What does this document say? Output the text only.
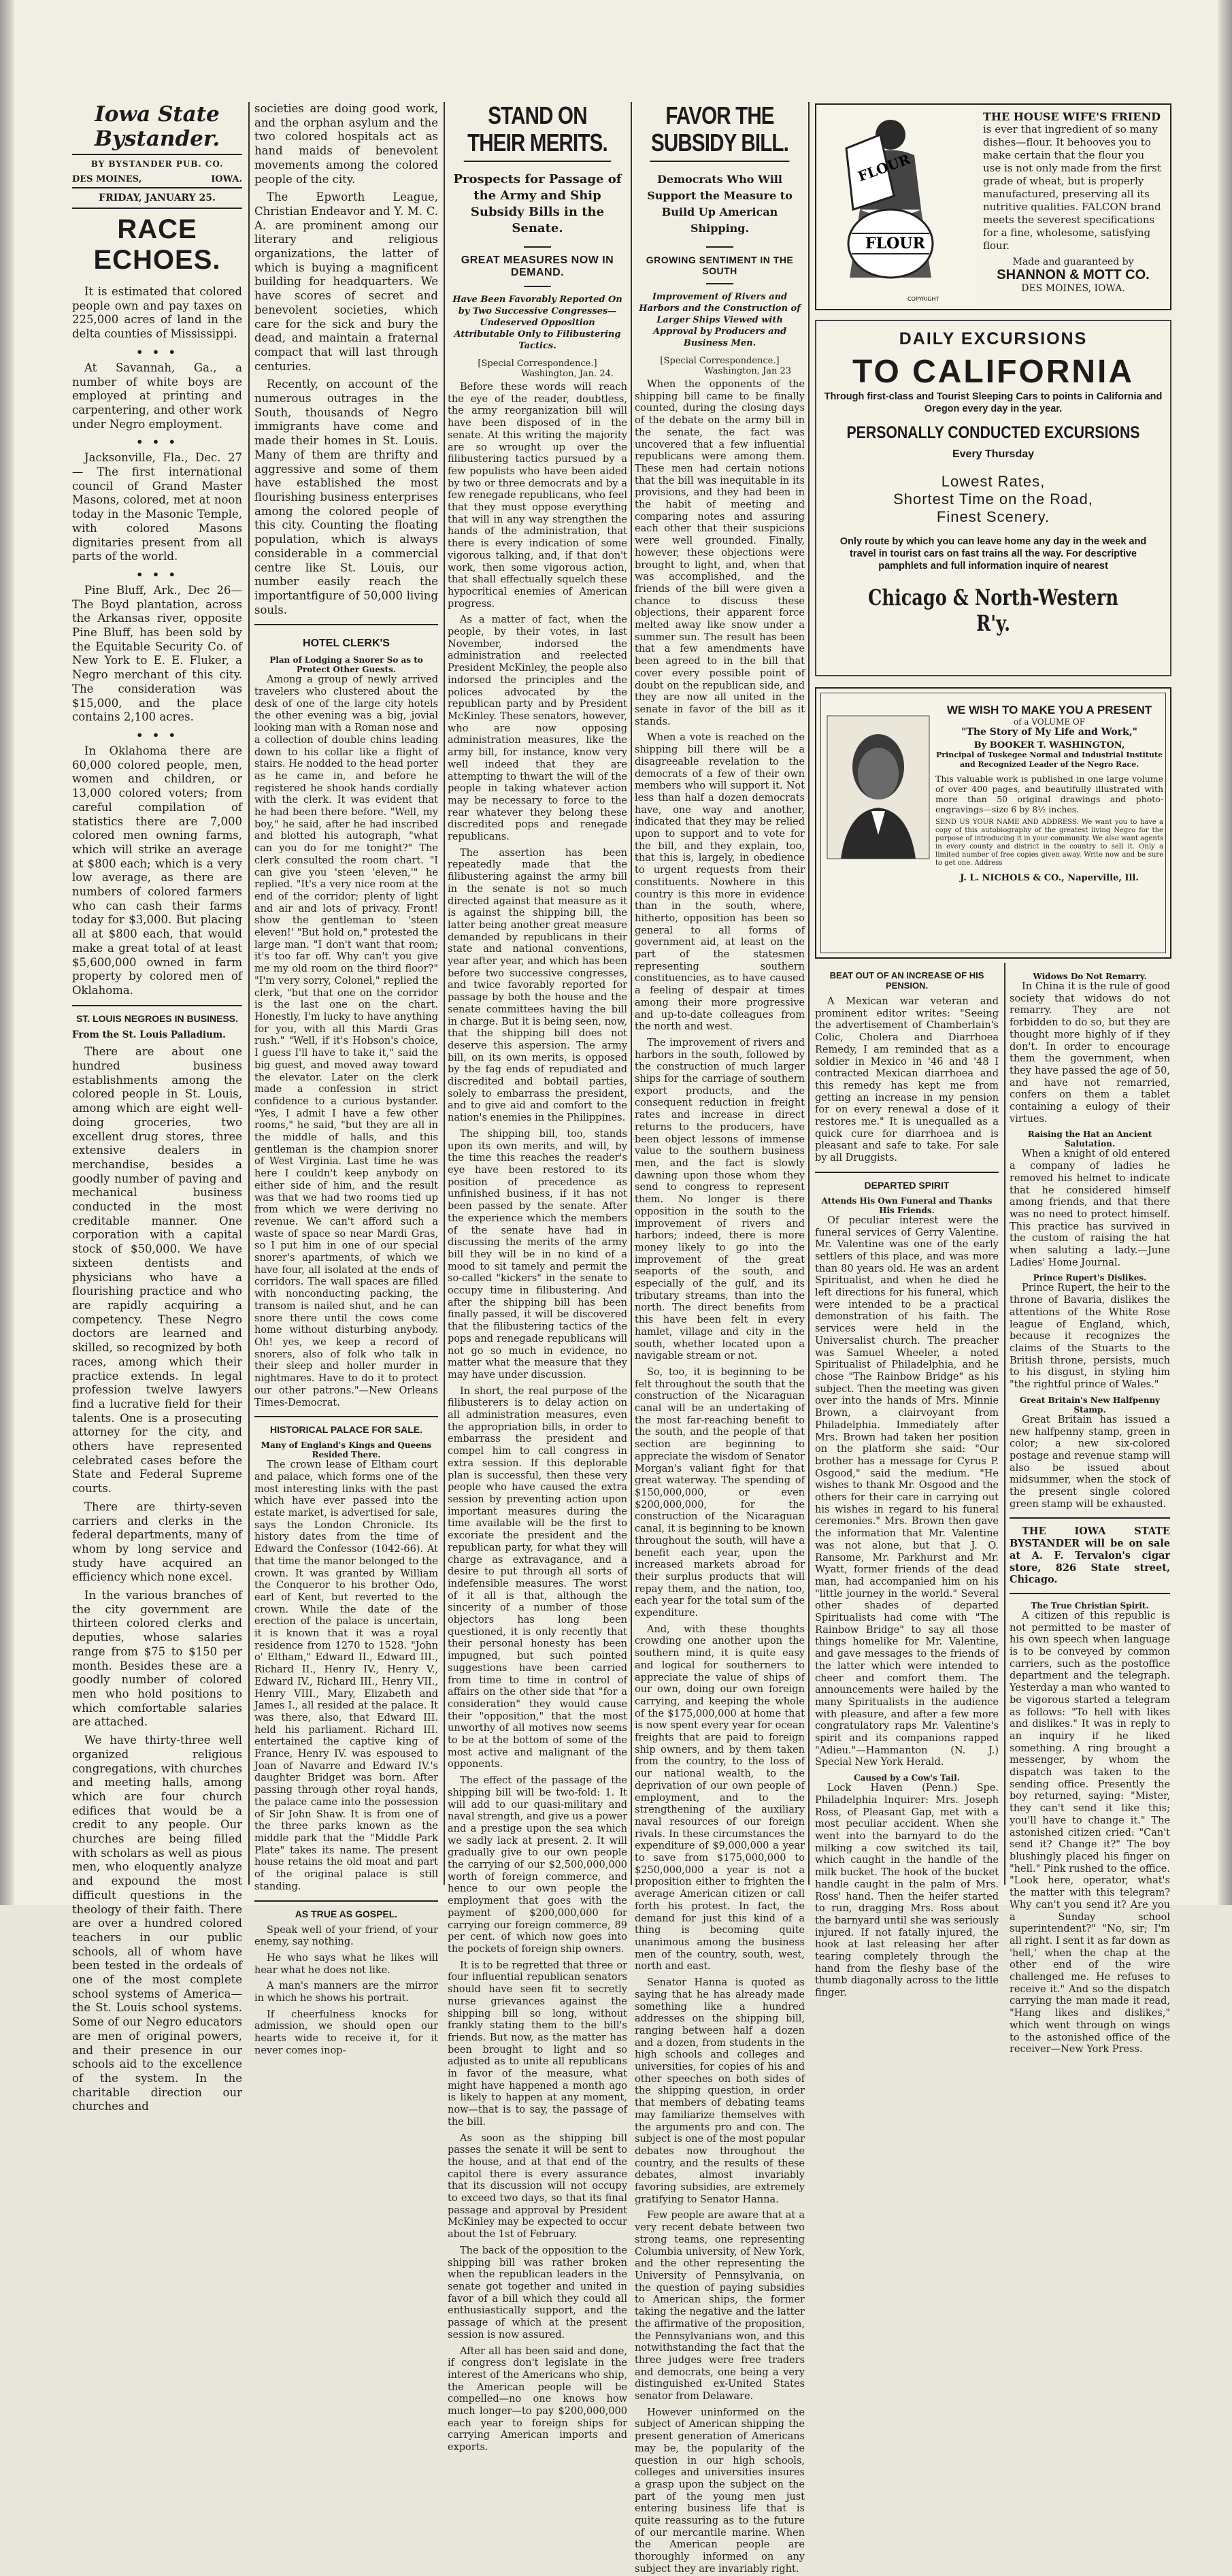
Iowa State Bystander.
BY BYSTANDER PUB. CO.
DES MOINES,	IOWA.
FRIDAY, JANUARY 25.
RACE ECHOES.

It is estimated that colored people own and pay taxes on 225,000 acres of land in the delta counties of Mississippi.

• • •

At Savannah, Ga., a number of white boys are employed at printing and carpentering, and other work under Negro employment.

• • •

Jacksonville, Fla., Dec. 27— The first international council of Grand Master Masons, colored, met at noon today in the Masonic Temple, with colored Masons dignitaries present from all parts of the world.

• • •

Pine Bluff, Ark., Dec 26—The Boyd plantation, across the Arkansas river, opposite Pine Bluff, has been sold by the Equitable Security Co. of New York to E. E. Fluker, a Negro merchant of this city. The consideration was $15,000, and the place contains 2,100 acres.

• • •

In Oklahoma there are 60,000 colored people, men, women and children, or 13,000 colored voters; from careful compilation of statistics there are 7,000 colored men owning farms, which will strike an average at $800 each; which is a very low average, as there are numbers of colored farmers who can cash their farms today for $3,000. But placing all at $800 each, that would make a great total of at least $5,600,000 owned in farm property by colored men of Oklahoma.

ST. LOUIS NEGROES IN BUSINESS.

From the St. Louis Palladium.

There are about one hundred business establishments among the colored people in St. Louis, among which are eight well-doing groceries, two excellent drug stores, three extensive dealers in merchandise, besides a goodly number of paving and mechanical business conducted in the most creditable manner. One corporation with a capital stock of $50,000. We have sixteen dentists and physicians who have a flourishing practice and who are rapidly acquiring a competency. These Negro doctors are learned and skilled, so recognized by both races, among which their practice extends. In legal profession twelve lawyers find a lucrative field for their talents. One is a prosecuting attorney for the city, and others have represented celebrated cases before the State and Federal Supreme courts.

There are thirty-seven carriers and clerks in the federal departments, many of whom by long service and study have acquired an efficiency which none excel.

In the various branches of the city government are thirteen colored clerks and deputies, whose salaries range from $75 to $150 per month. Besides these are a goodly number of colored men who hold positions to which comfortable salaries are attached.

We have thirty-three well organized religious congregations, with churches and meeting halls, among which are four church edifices that would be a credit to any people. Our churches are being filled with scholars as well as pious men, who eloquently analyze and expound the most difficult questions in the theology of their faith. There are over a hundred colored teachers in our public schools, all of whom have been tested in the ordeals of one of the most complete school systems of America—the St. Louis school systems. Some of our Negro educators are men of original powers, and their presence in our schools aid to the excellence of the system. In the charitable direction our churches and

societies are doing good work, and the orphan asylum and the two colored hospitals act as hand maids of benevolent movements among the colored people of the city.

The Epworth League, Christian Endeavor and Y. M. C. A. are prominent among our literary and religious organizations, the latter of which is buying a magnificent building for headquarters. We have scores of secret and benevolent societies, which care for the sick and bury the dead, and maintain a fraternal compact that will last through centuries.

Recently, on account of the numerous outrages in the South, thousands of Negro immigrants have come and made their homes in St. Louis. Many of them are thrifty and aggressive and some of them have established the most flourishing business enterprises among the colored people of this city. Counting the floating population, which is always considerable in a commercial centre like St. Louis, our number easily reach the importantfigure of 50,000 living souls.

HOTEL CLERK'S
Plan of Lodging a Snorer So as to Protect Other Guests.

Among a group of newly arrived travelers who clustered about the desk of one of the large city hotels the other evening was a big, jovial looking man with a Roman nose and a collection of double chins leading down to his collar like a flight of stairs. He nodded to the head porter as he came in, and before he registered he shook hands cordially with the clerk. It was evident that he had been there before. "Well, my boy," he said, after he had inscribed and blotted his autograph, "what can you do for me tonight?" The clerk consulted the room chart. "I can give you 'steen 'eleven,'" he replied. "It's a very nice room at the end of the corridor; plenty of light and air and lots of privacy. Front! show the gentleman to 'steen eleven!' "But hold on," protested the large man. "I don't want that room; it's too far off. Why can't you give me my old room on the third floor?" "I'm very sorry, Colonel," replied the clerk, "but that one on the corridor is the last one on the chart. Honestly, I'm lucky to have anything for you, with all this Mardi Gras rush." "Well, if it's Hobson's choice, I guess I'll have to take it," said the big guest, and moved away toward the elevator. Later on the clerk made a confession in strict confidence to a curious bystander. "Yes, I admit I have a few other rooms," he said, "but they are all in the middle of halls, and this gentleman is the champion snorer of West Virginia. Last time he was here I couldn't keep anybody on either side of him, and the result was that we had two rooms tied up from which we were deriving no revenue. We can't afford such a waste of space so near Mardi Gras, so I put him in one of our special snorer's apartments, of which we have four, all isolated at the ends of corridors. The wall spaces are filled with nonconducting packing, the transom is nailed shut, and he can snore there until the cows come home without disturbing anybody. Oh! yes, we keep a record of snorers, also of folk who talk in their sleep and holler murder in nightmares. Have to do it to protect our other patrons."—New Orleans Times-Democrat.

HISTORICAL PALACE FOR SALE.
Many of England's Kings and Queens Resided There.

The crown lease of Eltham court and palace, which forms one of the most interesting links with the past which have ever passed into the estate market, is advertised for sale, says the London Chronicle. Its history dates from the time of Edward the Confessor (1042-66). At that time the manor belonged to the crown. It was granted by William the Conqueror to his brother Odo, earl of Kent, but reverted to the crown. While the date of the erection of the palace is uncertain, it is known that it was a royal residence from 1270 to 1528. "John o' Eltham," Edward II., Edward III., Richard II., Henry IV., Henry V., Edward IV., Richard III., Henry VII., Henry VIII., Mary, Elizabeth and James I., all resided at the palace. It was there, also, that Edward III. held his parliament. Richard III. entertained the captive king of France, Henry IV. was espoused to Joan of Navarre and Edward IV.'s daughter Bridget was born. After passing through other royal hands, the palace came into the possession of Sir John Shaw. It is from one of the three parks known as the middle park that the "Middle Park Plate" takes its name. The present house retains the old moat and part of the original palace is still standing.

AS TRUE AS GOSPEL.

Speak well of your friend, of your enemy, say nothing.

He who says what he likes will hear what he does not like.

A man's manners are the mirror in which he shows his portrait.

If cheerfulness knocks for admission, we should open our hearts wide to receive it, for it never comes inop-

STAND ON THEIR MERITS.
Prospects for Passage of the Army and Ship Subsidy Bills in the Senate.
GREAT MEASURES NOW IN DEMAND.
Have Been Favorably Reported On by Two Successive Congresses—Undeserved Opposition Attributable Only to Filibustering Tactics.
[Special Correspondence.]
Washington, Jan. 24.

Before these words will reach the eye of the reader, doubtless, the army reorganization bill will have been disposed of in the senate. At this writing the majority are so wrought up over the filibustering tactics pursued by a few populists who have been aided by two or three democrats and by a few renegade republicans, who feel that they must oppose everything that will in any way strengthen the hands of the administration, that there is every indication of some vigorous talking, and, if that don't work, then some vigorous action, that shall effectually squelch these hypocritical enemies of American progress.

As a matter of fact, when the people, by their votes, in last November, indorsed the administration and reelected President McKinley, the people also indorsed the principles and the polices advocated by the republican party and by President McKinley. These senators, however, who are now opposing administration measures, like the army bill, for instance, know very well indeed that they are attempting to thwart the will of the people in taking whatever action may be necessary to force to the rear whatever they belong these discredited pops and renegade republicans.

The assertion has been repeatedly made that the filibustering against the army bill in the senate is not so much directed against that measure as it is against the shipping bill, the latter being another great measure demanded by republicans in their state and national conventions, year after year, and which has been before two successive congresses, and twice favorably reported for passage by both the house and the senate committees having the bill in charge. But it is being seen, now, that the shipping bill does not deserve this aspersion. The army bill, on its own merits, is opposed by the fag ends of repudiated and discredited and bobtail parties, solely to embarrass the president, and to give aid and comfort to the nation's enemies in the Philippines.

The shipping bill, too, stands upon its own merits, and will, by the time this reaches the reader's eye have been restored to its position of precedence as unfinished business, if it has not been passed by the senate. After the experience which the members of the senate have had in discussing the merits of the army bill they will be in no kind of a mood to sit tamely and permit the so-called "kickers" in the senate to occupy time in filibustering. And after the shipping bill has been finally passed, it will be discovered that the filibustering tactics of the pops and renegade republicans will not go so much in evidence, no matter what the measure that they may have under discussion.

In short, the real purpose of the filibusterers is to delay action on all administration measures, even the appropriation bills, in order to embarrass the president and compel him to call congress in extra session. If this deplorable plan is successful, then these very people who have caused the extra session by preventing action upon important measures during the time available will be the first to excoriate the president and the republican party, for what they will charge as extravagance, and a desire to put through all sorts of indefensible measures. The worst of it all is that, although the sincerity of a number of those objectors has long been questioned, it is only recently that their personal honesty has been impugned, but such pointed suggestions have been carried from time to time in control of affairs on the other side that "for a consideration" they would cause their "opposition," that the most unworthy of all motives now seems to be at the bottom of some of the most active and malignant of the opponents.

The effect of the passage of the shipping bill will be two-fold: 1. It will add to our quasi-military and naval strength, and give us a power and a prestige upon the sea which we sadly lack at present. 2. It will gradually give to our own people the carrying of our $2,500,000,000 worth of foreign commerce, and hence to our own people the employment that goes with the payment of $200,000,000 for carrying our foreign commerce, 89 per cent. of which now goes into the pockets of foreign ship owners.

It is to be regretted that three or four influential republican senators should have seen fit to secretly nurse grievances against the shipping bill so long, without frankly stating them to the bill's friends. But now, as the matter has been brought to light and so adjusted as to unite all republicans in favor of the measure, what might have happened a month ago is likely to happen at any moment, now—that is to say, the passage of the bill.

As soon as the shipping bill passes the senate it will be sent to the house, and at that end of the capitol there is every assurance that its discussion will not occupy to exceed two days, so that its final passage and approval by President McKinley may be expected to occur about the 1st of February.

The back of the opposition to the shipping bill was rather broken when the republican leaders in the senate got together and united in favor of a bill which they could all enthusiastically support, and the passage of which at the present session is now assured.

After all has been said and done, if congress don't legislate in the interest of the Americans who ship, the American people will be compelled—no one knows how much longer—to pay $200,000,000 each year to foreign ships for carrying American imports and exports.

FAVOR THE SUBSIDY BILL.
Democrats Who Will Support the Measure to Build Up American Shipping.
GROWING SENTIMENT IN THE SOUTH
Improvement of Rivers and Harbors and the Construction of Larger Ships Viewed with Approval by Producers and Business Men.
[Special Correspondence.]
Washington, Jan 23

When the opponents of the shipping bill came to be finally counted, during the closing days of the debate on the army bill in the senate, the fact was uncovered that a few influential republicans were among them. These men had certain notions that the bill was inequitable in its provisions, and they had been in the habit of meeting and comparing notes and assuring each other that their suspicions were well grounded. Finally, however, these objections were brought to light, and, when that was accomplished, and the friends of the bill were given a chance to discuss these objections, their apparent force melted away like snow under a summer sun. The result has been that a few amendments have been agreed to in the bill that cover every possible point of doubt on the republican side, and they are now all united in the senate in favor of the bill as it stands.

When a vote is reached on the shipping bill there will be a disagreeable revelation to the democrats of a few of their own members who will support it. Not less than half a dozen democrats have, one way and another, indicated that they may be relied upon to support and to vote for the bill, and they explain, too, that this is, largely, in obedience to urgent requests from their constituents. Nowhere in this country is this more in evidence than in the south, where, hitherto, opposition has been so general to all forms of government aid, at least on the part of the statesmen representing southern constituencies, as to have caused a feeling of despair at times among their more progressive and up-to-date colleagues from the north and west.

The improvement of rivers and harbors in the south, followed by the construction of much larger ships for the carriage of southern export products, and the consequent reduction in freight rates and increase in direct returns to the producers, have been object lessons of immense value to the southern business men, and the fact is slowly dawning upon those whom they send to congress to represent them. No longer is there opposition in the south to the improvement of rivers and harbors; indeed, there is more money likely to go into the improvement of the great seaports of the south, and especially of the gulf, and its tributary streams, than into the north. The direct benefits from this have been felt in every hamlet, village and city in the south, whether located upon a navigable stream or not.

So, too, it is beginning to be felt throughout the south that the construction of the Nicaraguan canal will be an undertaking of the most far-reaching benefit to the south, and the people of that section are beginning to appreciate the wisdom of Senator Morgan's valiant fight for that great waterway. The spending of $150,000,000, or even $200,000,000, for the construction of the Nicaraguan canal, it is beginning to be known throughout the south, will have a benefit each year, upon the increased markets abroad for their surplus products that will repay them, and the nation, too, each year for the total sum of the expenditure.

And, with these thoughts crowding one another upon the southern mind, it is quite easy and logical for southerners to appreciate the value of ships of our own, doing our own foreign carrying, and keeping the whole of the $175,000,000 at home that is now spent every year for ocean freights that are paid to foreign ship owners, and by them taken from the country, to the loss of our national wealth, to the deprivation of our own people of employment, and to the strengthening of the auxiliary naval resources of our foreign rivals. In these circumstances the expenditure of $9,000,000 a year to save from $175,000,000 to $250,000,000 a year is not a proposition either to frighten the average American citizen or call forth his protest. In fact, the demand for just this kind of a thing is becoming quite unanimous among the business men of the country, south, west, north and east.

Senator Hanna is quoted as saying that he has already made something like a hundred addresses on the shipping bill, ranging between half a dozen and a dozen, from students in the high schools and colleges and universities, for copies of his and other speeches on both sides of the shipping question, in order that members of debating teams may familiarize themselves with the arguments pro and con. The subject is one of the most popular debates now throughout the country, and the results of these debates, almost invariably favoring subsidies, are extremely gratifying to Senator Hanna.

Few people are aware that at a very recent debate between two strong teams, one representing Columbia university, of New York, and the other representing the University of Pennsylvania, on the question of paying subsidies to American ships, the former taking the negative and the latter the affirmative of the proposition, the Pennsylvanians won, and this notwithstanding the fact that the three judges were free traders and democrats, one being a very distinguished ex-United States senator from Delaware.

However uninformed on the subject of American shipping the present generation of Americans may be, the popularity of the question in our high schools, colleges and universities insures a grasp upon the subject on the part of the young men just entering business life that is quite reassuring as to the future of our mercantile marine. When the American people are thoroughly informed on any subject they are invariably right.

FLOUR
FLOUR
COPYRIGHT
THE HOUSE WIFE'S FRIEND
is ever that ingredient of so many dishes—flour. It behooves you to make certain that the flour you use is not only made from the first grade of wheat, but is properly manufactured, preserving all its nutritive qualities. FALCON brand meets the severest specifications for a fine, wholesome, satisfying flour.
Made and guaranteed by
SHANNON & MOTT CO.
DES MOINES, IOWA.
DAILY EXCURSIONS
TO CALIFORNIA
Through first-class and Tourist Sleeping Cars to points in California and Oregon every day in the year.
PERSONALLY CONDUCTED EXCURSIONS
Every Thursday
Lowest Rates,
Shortest Time on the Road,
Finest Scenery.
Only route by which you can leave home any day in the week and travel in tourist cars on fast trains all the way. For descriptive pamphlets and full information inquire of nearest
Chicago & North-Western R'y.
WE WISH TO MAKE YOU A PRESENT
of a VOLUME OF
"The Story of My Life and Work,"
By BOOKER T. WASHINGTON,
Principal of Tuskegee Normal and Industrial Institute and Recognized Leader of the Negro Race.
This valuable work is published in one large volume of over 400 pages, and beautifully illustrated with more than 50 original drawings and photo-engravings—size 6 by 8½ inches.
SEND US YOUR NAME AND ADDRESS. We want you to have a copy of this autobiography of the greatest living Negro for the purpose of introducing it in your community. We also want agents in every county and district in the country to sell it. Only a limited number of free copies given away. Write now and be sure to get one. Address
J. L. NICHOLS & CO., Naperville, Ill.
BEAT OUT OF AN INCREASE OF HIS PENSION.

A Mexican war veteran and prominent editor writes: "Seeing the advertisement of Chamberlain's Colic, Cholera and Diarrhoea Remedy, I am reminded that as a soldier in Mexico in '46 and '48 I contracted Mexican diarrhoea and this remedy has kept me from getting an increase in my pension for on every renewal a dose of it restores me." It is unequalled as a quick cure for diarrhoea and is pleasant and safe to take. For sale by all Druggists.

DEPARTED SPIRIT
Attends His Own Funeral and Thanks His Friends.

Of peculiar interest were the funeral services of Gerry Valentine. Mr. Valentine was one of the early settlers of this place, and was more than 80 years old. He was an ardent Spiritualist, and when he died he left directions for his funeral, which were intended to be a practical demonstration of his faith. The services were held in the Universalist church. The preacher was Samuel Wheeler, a noted Spiritualist of Philadelphia, and he chose "The Rainbow Bridge" as his subject. Then the meeting was given over into the hands of Mrs. Minnie Brown, a clairvoyant from Philadelphia. Immediately after Mrs. Brown had taken her position on the platform she said: "Our brother has a message for Cyrus P. Osgood," said the medium. "He wishes to thank Mr. Osgood and the others for their care in carrying out his wishes in regard to his funeral ceremonies." Mrs. Brown then gave the information that Mr. Valentine was not alone, but that J. O. Ransome, Mr. Parkhurst and Mr. Wyatt, former friends of the dead man, had accompanied him on his "little journey in the world." Several other shades of departed Spiritualists had come with "The Rainbow Bridge" to say all those things homelike for Mr. Valentine, and gave messages to the friends of the latter which were intended to cheer and comfort them. The announcements were hailed by the many Spiritualists in the audience with pleasure, and after a few more congratulatory raps Mr. Valentine's spirit and its companions rapped "Adieu."—Hammanton (N. J.) Special New York Herald.

Caused by a Cow's Tail.

Lock Haven (Penn.) Spe. Philadelphia Inquirer: Mrs. Joseph Ross, of Pleasant Gap, met with a most peculiar accident. When she went into the barnyard to do the milking a cow switched its tail, which caught in the handle of the milk bucket. The hook of the bucket handle caught in the palm of Mrs. Ross' hand. Then the heifer started to run, dragging Mrs. Ross about the barnyard until she was seriously injured. If not fatally injured, the hook at last releasing her after tearing completely through the hand from the fleshy base of the thumb diagonally across to the little finger.

Widows Do Not Remarry.

In China it is the rule of good society that widows do not remarry. They are not forbidden to do so, but they are thought more highly of if they don't. In order to encourage them the government, when they have passed the age of 50, and have not remarried, confers on them a tablet containing a eulogy of their virtues.

Raising the Hat an Ancient Salutation.

When a knight of old entered a company of ladies he removed his helmet to indicate that he considered himself among friends, and that there was no need to protect himself. This practice has survived in the custom of raising the hat when saluting a lady.—June Ladies' Home Journal.

Prince Rupert's Dislikes.

Prince Rupert, the heir to the throne of Bavaria, dislikes the attentions of the White Rose league of England, which, because it recognizes the claims of the Stuarts to the British throne, persists, much to his disgust, in styling him "the rightful prince of Wales."

Great Britain's New Halfpenny Stamp.

Great Britain has issued a new halfpenny stamp, green in color; a new six-colored postage and revenue stamp will also be issued about midsummer, when the stock of the present single colored green stamp will be exhausted.

THE IOWA STATE BYSTANDER will be on sale at A. F. Tervalon's cigar store, 826 State street, Chicago.

The True Christian Spirit.

A citizen of this republic is not permitted to be master of his own speech when language is to be conveyed by common carriers, such as the postoffice department and the telegraph. Yesterday a man who wanted to be vigorous started a telegram as follows: "To hell with likes and dislikes." It was in reply to an inquiry if he liked something. A ring brought a messenger, by whom the dispatch was taken to the sending office. Presently the boy returned, saying: "Mister, they can't send it like this; you'll have to change it." The astonished citizen cried: "Can't send it? Change it?" The boy blushingly placed his finger on "hell." Pink rushed to the office. "Look here, operator, what's the matter with this telegram? Why can't you send it? Are you a Sunday school superintendent?" "No, sir; I'm all right. I sent it as far down as 'hell,' when the chap at the other end of the wire challenged me. He refuses to receive it." And so the dispatch carrying the man made it read, "Hang likes and dislikes," which went through on wings to the astonished office of the receiver—New York Press.
